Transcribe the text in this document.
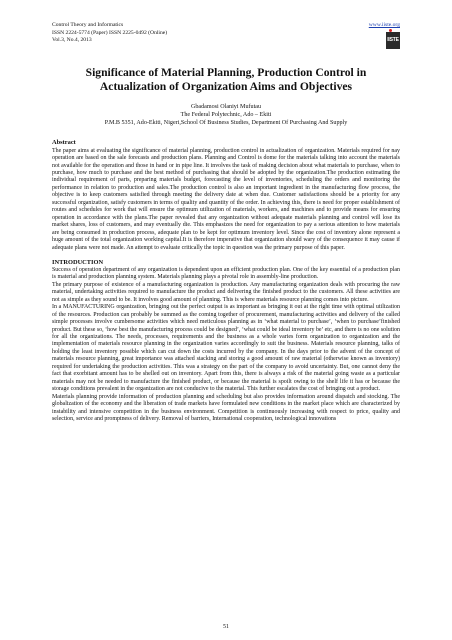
Control Theory and Informatics
ISSN 2224-5774 (Paper) ISSN 2225-0492 (Online)
Vol.3, No.4, 2013
www.iiste.org
IISTE
Significance of Material Planning, Production Control in
Actualization of Organization Aims and Objectives
Gbadamosi Olaniyi Mufutau
The Federal Polytechnic, Ado – Ekiti
P.M.B 5351, Ado-Ekiti, Nigeri,School Of Business Studies, Department Of Purchasing And Supply
Abstract

The paper aims at evaluating the significance of material planning, production control in actualization of organization. Materials required for nay operation are based on the sale forecasts and production plans. Planning and Control is dome for the materials talking into account the materials not available for the operation and those in hand or in pipe line. It involves the task of making decision about what materials to purchase, when to purchase, how much to purchase and the best method of purchasing that should be adopted by the organization.The production estimating the individual requirement of parts, preparing materials budget, forecasting the level of inventories, scheduling the orders and monitoring the performance in relation to production and sales.The production control is also an important ingredient in the manufacturing flow process, the objective is to keep customers satisfied through meeting the delivery date at when due. Customer satisfactions should be a priority for any successful organization, satisfy customers in terms of quality and quantity of the order. In achieving this, there is need for proper establishment of routes and schedules for work that will ensure the optimum utilization of materials, workers, and machines and to provide means for ensuring operation in accordance with the plans.The paper revealed that any organization without adequate materials planning and control will lose its market shares, loss of customers, and may eventually die. This emphasizes the need for organization to pay a serious attention to how materials are being consumed in production process, adequate plan to be kept for optimum inventory level. Since the cost of inventory alone represent a huge amount of the total organization working capital.It is therefore imperative that organization should wary of the consequence it may cause if adequate plans were not made. An attempt to evaluate critically the topic in question was the primary purpose of this paper.

INTRODUCTION

Success of operation department of any organization is dependent upon an efficient production plan. One of the key essential of a production plan is material and production planning system. Materials planning plays a pivotal role in assembly-line production.

The primary purpose of existence of a manufacturing organization is production. Any manufacturing organization deals with procuring the raw material, undertaking activities required to manufacture the product and delivering the finished product to the customers. All these activities are not as simple as they sound to be. It involves good amount of planning. This is where materials resource planning comes into picture.

In a MANUFACTURING organization, bringing out the perfect output is as important as bringing it out at the right time with optimal utilization of the resources. Production can probably be summed as the coming together of procurement, manufacturing activities and delivery of the called simple processes involve cumbersome activities which need meticulous planning as in ‘what material to purchase’, ‘when to purchase’finished product. But these so, ‘how best the manufacturing process could be designed’, ‘what could be ideal inventory be’ etc, and there is no one solution for all the organizations. The needs, processes, requirements and the business as a whole varies form organization to organization and the implementation of materials resource planning in the organization varies accordingly to suit the business. Materials resource planning, talks of holding the least inventory possible which can cut down the costs incurred by the company. In the days prior to the advent of the concept of materials resource planning, great importance was attached stacking and storing a good amount of raw material (otherwise known as inventory) required for undertaking the production activities. This was a strategy on the part of the company to avoid uncertainty. But, one cannot deny the fact that exorbitant amount has to be shelled out on inventory. Apart from this, there is always a risk of the material going waste as a particular materials may not be needed to manufacture the finished product, or because the material is spoilt owing to the shelf life it has or because the storage conditions prevalent in the organization are not conducive to the material. This further escalates the cost of bringing out a product.

Materials planning provide information of production planning and scheduling but also provides information around dispatch and stocking. The globalization of the economy and the liberation of trade markets have formulated new conditions in the market place which are characterized by instability and intensive competition in the business environment. Competition is continuously increasing with respect to price, quality and selection, service and promptness of delivery. Removal of barriers, International cooperation, technological innovations

51
